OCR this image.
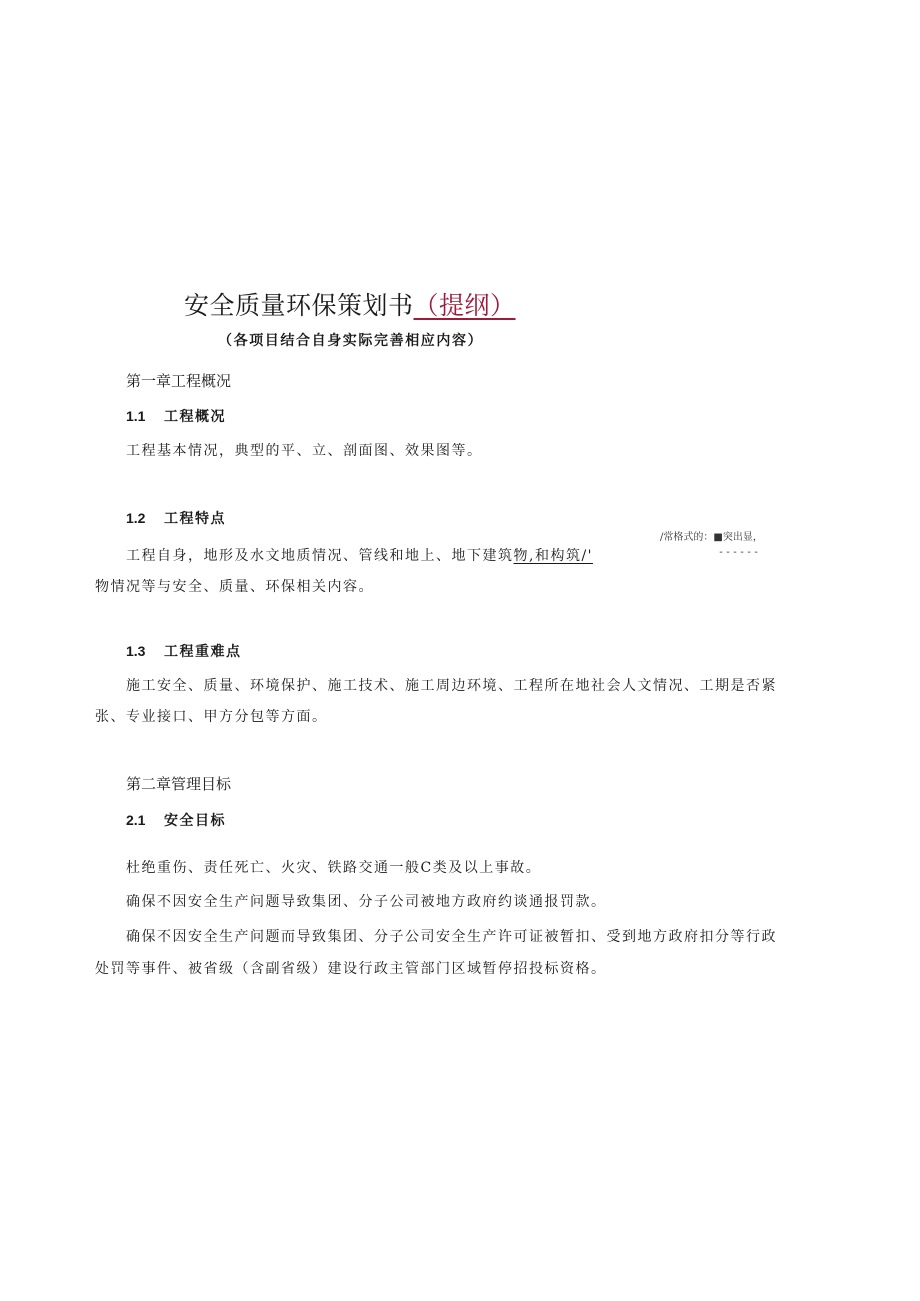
安全质量环保策划书（提纲）
（各项目结合自身实际完善相应内容）
第一章工程概况
1.1 工程概况
工程基本情况，典型的平、立、剖面图、效果图等。
1.2 工程特点
/常格式的：■突出显，
------
工程自身，地形及水文地质情况、管线和地上、地下建筑物,和构筑/'
物情况等与安全、质量、环保相关内容。
1.3 工程重难点
施工安全、质量、环境保护、施工技术、施工周边环境、工程所在地社会人文情况、工期是否紧
张、专业接口、甲方分包等方面。
第二章管理目标
2.1 安全目标
杜绝重伤、责任死亡、火灾、铁路交通一般C类及以上事故。
确保不因安全生产问题导致集团、分子公司被地方政府约谈通报罚款。
确保不因安全生产问题而导致集团、分子公司安全生产许可证被暂扣、受到地方政府扣分等行政
处罚等事件、被省级（含副省级）建设行政主管部门区域暂停招投标资格。
